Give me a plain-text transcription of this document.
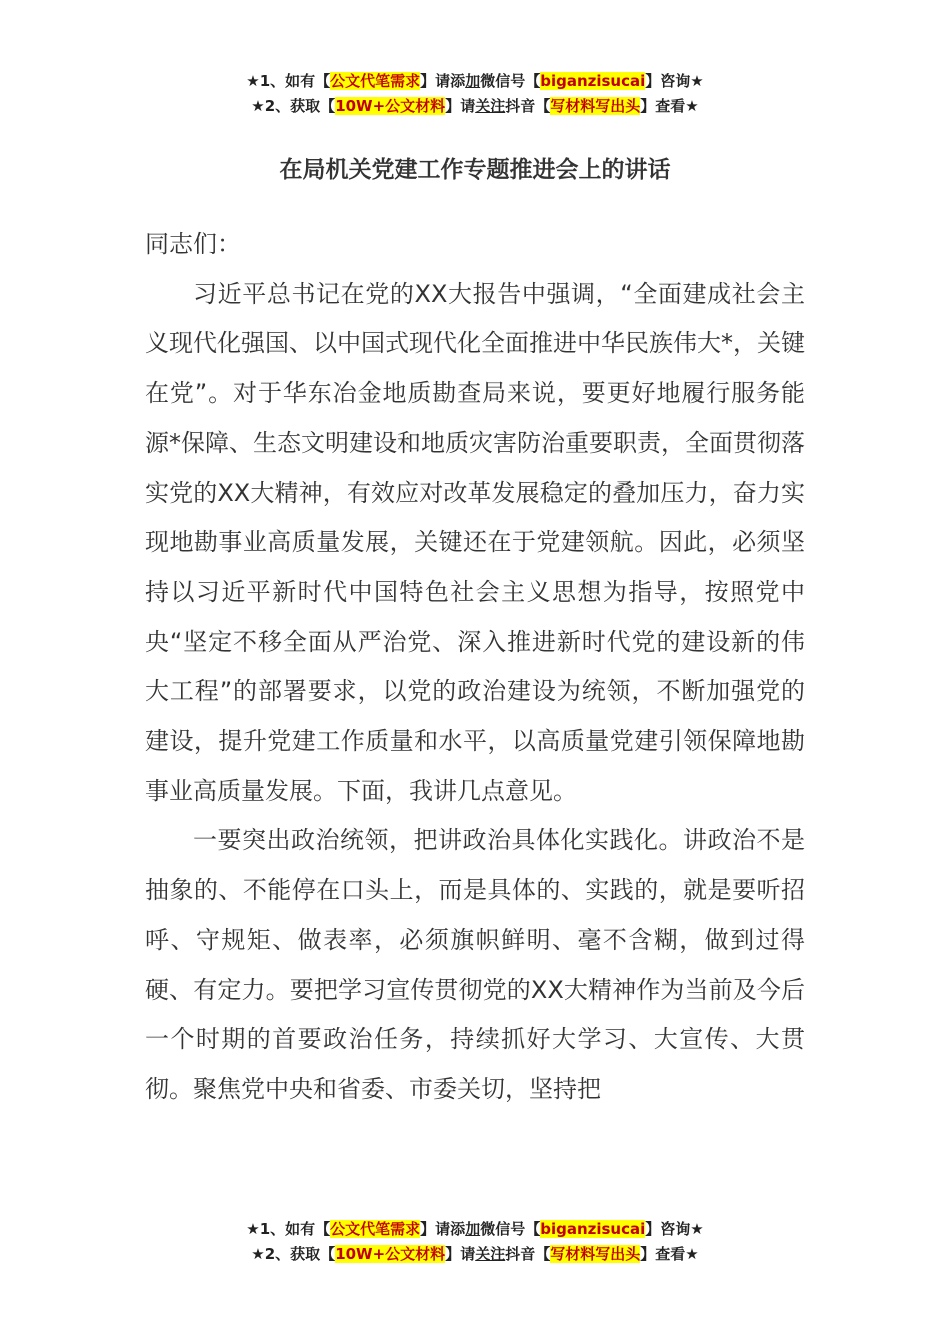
★1、如有【公文代笔需求】请添加微信号【biganzisucai】咨询★
★2、获取【10W+公文材料】请关注抖音【写材料写出头】查看★
在局机关党建工作专题推进会上的讲话

同志们：

习近平总书记在党的XX大报告中强调，“全面建成社会主义现代化强国、以中国式现代化全面推进中华民族伟大*，关键在党”。对于华东冶金地质勘查局来说，要更好地履行服务能源*保障、生态文明建设和地质灾害防治重要职责，全面贯彻落实党的XX大精神，有效应对改革发展稳定的叠加压力，奋力实现地勘事业高质量发展，关键还在于党建领航。因此，必须坚持以习近平新时代中国特色社会主义思想为指导，按照党中央“坚定不移全面从严治党、深入推进新时代党的建设新的伟大工程”的部署要求，以党的政治建设为统领，不断加强党的建设，提升党建工作质量和水平，以高质量党建引领保障地勘事业高质量发展。下面，我讲几点意见。

一要突出政治统领，把讲政治具体化实践化。讲政治不是抽象的、不能停在口头上，而是具体的、实践的，就是要听招呼、守规矩、做表率，必须旗帜鲜明、毫不含糊，做到过得硬、有定力。要把学习宣传贯彻党的XX大精神作为当前及今后一个时期的首要政治任务，持续抓好大学习、大宣传、大贯彻。聚焦党中央和省委、市委关切，坚持把

★1、如有【公文代笔需求】请添加微信号【biganzisucai】咨询★
★2、获取【10W+公文材料】请关注抖音【写材料写出头】查看★
